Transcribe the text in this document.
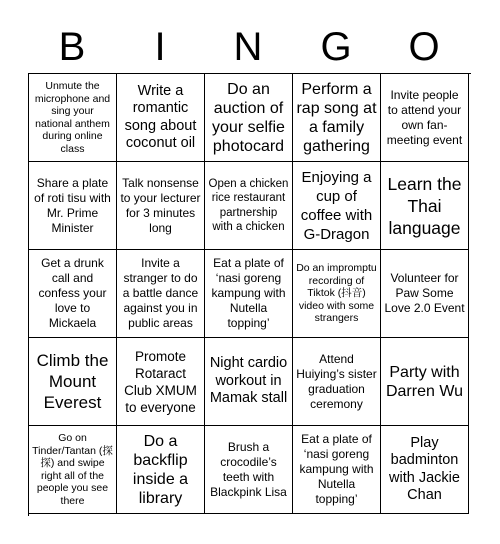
B	I	N	G	O
Unmute the microphone and sing your national anthem during online class
Write a romantic song about coconut oil
Do an auction of your selfie photocard
Perform a rap song at a family gathering
Invite people to attend your own fan-meeting event
Share a plate of roti tisu with Mr. Prime Minister
Talk nonsense to your lecturer for 3 minutes long
Open a chicken rice restaurant partnership with a chicken
Enjoying a cup of coffee with G-Dragon
Learn the Thai language
Get a drunk call and confess your love to Mickaela
Invite a stranger to do a battle dance against you in public areas
Eat a plate of ‘nasi goreng kampung with Nutella topping’
Do an impromptu recording of Tiktok (抖音) video with some strangers
Volunteer for Paw Some Love 2.0 Event
Climb the Mount Everest
Promote Rotaract Club XMUM to everyone
Night cardio workout in Mamak stall
Attend Huiying’s sister graduation ceremony
Party with Darren Wu
Go on Tinder/Tantan (探探) and swipe right all of the people you see there
Do a backflip inside a library
Brush a crocodile’s teeth with Blackpink Lisa
Eat a plate of ‘nasi goreng kampung with Nutella topping’
Play badminton with Jackie Chan
